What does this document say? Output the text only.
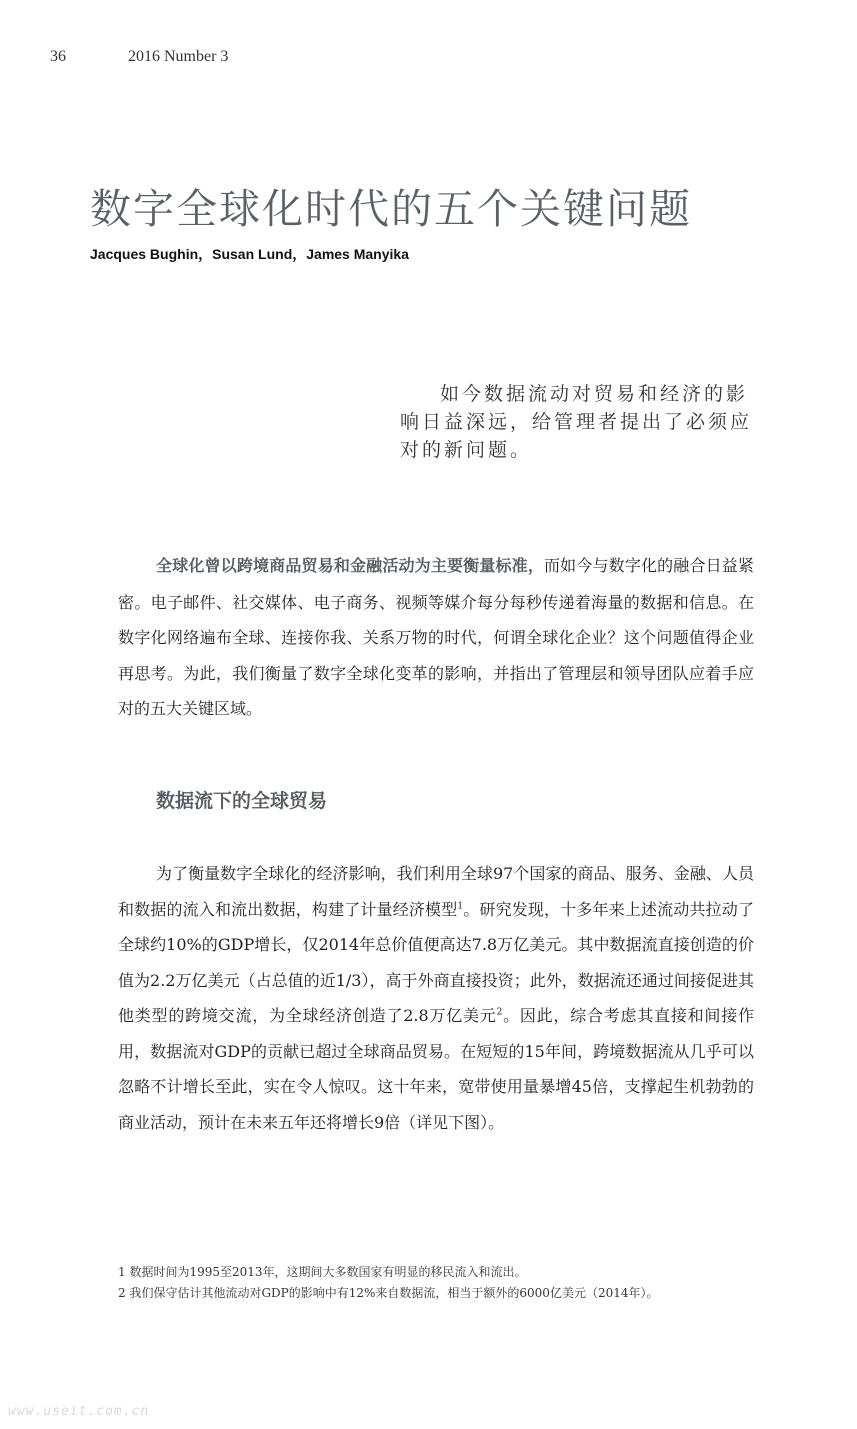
36	2016 Number 3
数字全球化时代的五个关键问题
Jacques Bughin，Susan Lund，James Manyika

如今数据流动对贸易和经济的影响日益深远，给管理者提出了必须应对的新问题。

全球化曾以跨境商品贸易和金融活动为主要衡量标准，而如今与数字化的融合日益紧密。电子邮件、社交媒体、电子商务、视频等媒介每分每秒传递着海量的数据和信息。在数字化网络遍布全球、连接你我、关系万物的时代，何谓全球化企业？这个问题值得企业再思考。为此，我们衡量了数字全球化变革的影响，并指出了管理层和领导团队应着手应对的五大关键区域。

数据流下的全球贸易

为了衡量数字全球化的经济影响，我们利用全球97个国家的商品、服务、金融、人员和数据的流入和流出数据，构建了计量经济模型$^1$。研究发现，十多年来上述流动共拉动了全球约10%的GDP增长，仅2014年总价值便高达7.8万亿美元。其中数据流直接创造的价值为2.2万亿美元（占总值的近1/3），高于外商直接投资；此外，数据流还通过间接促进其他类型的跨境交流，为全球经济创造了2.8万亿美元$^2$。因此，综合考虑其直接和间接作用，数据流对GDP的贡献已超过全球商品贸易。在短短的15年间，跨境数据流从几乎可以忽略不计增长至此，实在令人惊叹。这十年来，宽带使用量暴增45倍，支撑起生机勃勃的商业活动，预计在未来五年还将增长9倍（详见下图）。

1 数据时间为1995至2013年，这期间大多数国家有明显的移民流入和流出。

2 我们保守估计其他流动对GDP的影响中有12%来自数据流，相当于额外的6000亿美元（2014年）。

www.useit.com.cn
